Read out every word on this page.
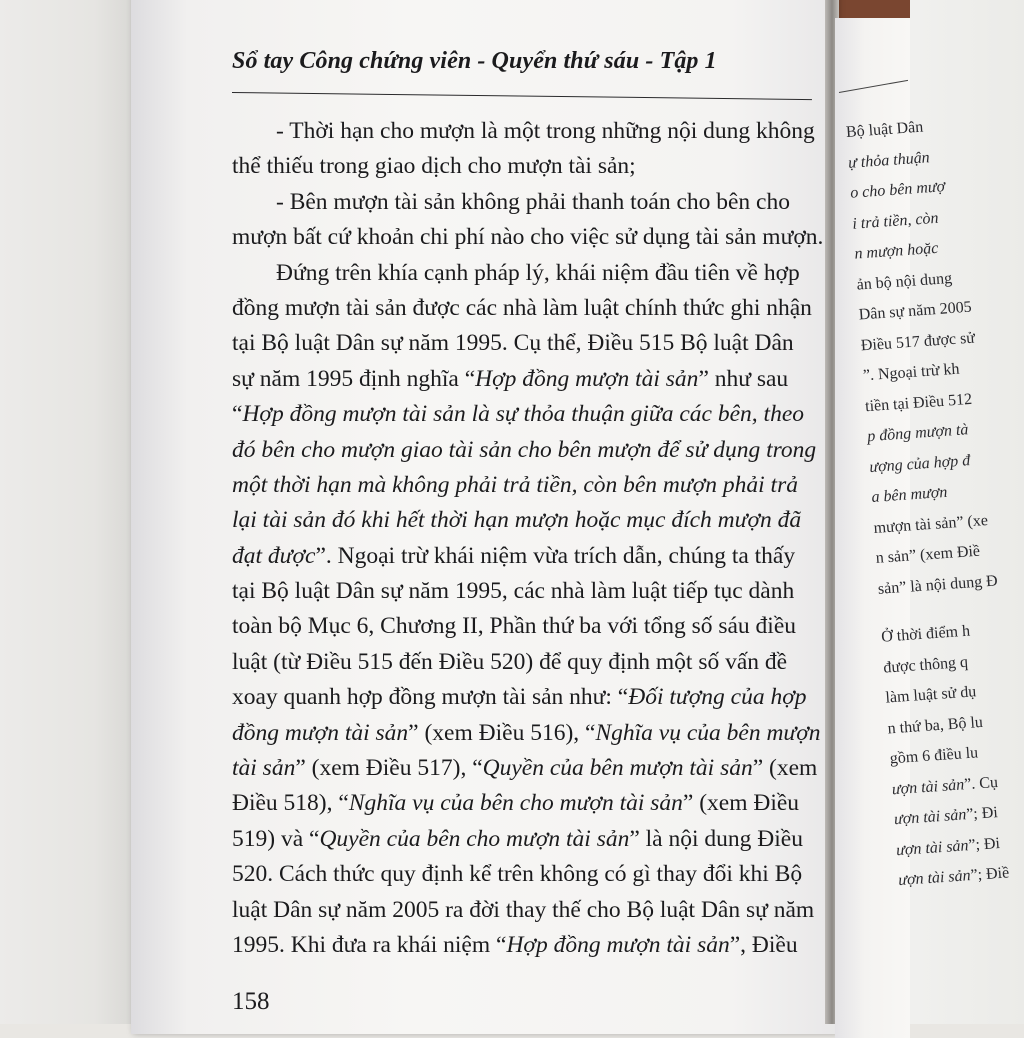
Sổ tay Công chứng viên - Quyển thứ sáu - Tập 1
- Thời hạn cho mượn là một trong những nội dung không
thể thiếu trong giao dịch cho mượn tài sản;
- Bên mượn tài sản không phải thanh toán cho bên cho
mượn bất cứ khoản chi phí nào cho việc sử dụng tài sản mượn.
Đứng trên khía cạnh pháp lý, khái niệm đầu tiên về hợp
đồng mượn tài sản được các nhà làm luật chính thức ghi nhận
tại Bộ luật Dân sự năm 1995. Cụ thể, Điều 515 Bộ luật Dân
sự năm 1995 định nghĩa “Hợp đồng mượn tài sản” như sau
“Hợp đồng mượn tài sản là sự thỏa thuận giữa các bên, theo
đó bên cho mượn giao tài sản cho bên mượn để sử dụng trong
một thời hạn mà không phải trả tiền, còn bên mượn phải trả
lại tài sản đó khi hết thời hạn mượn hoặc mục đích mượn đã
đạt được”. Ngoại trừ khái niệm vừa trích dẫn, chúng ta thấy
tại Bộ luật Dân sự năm 1995, các nhà làm luật tiếp tục dành
toàn bộ Mục 6, Chương II, Phần thứ ba với tổng số sáu điều
luật (từ Điều 515 đến Điều 520) để quy định một số vấn đề
xoay quanh hợp đồng mượn tài sản như: “Đối tượng của hợp
đồng mượn tài sản” (xem Điều 516), “Nghĩa vụ của bên mượn
tài sản” (xem Điều 517), “Quyền của bên mượn tài sản” (xem
Điều 518), “Nghĩa vụ của bên cho mượn tài sản” (xem Điều
519) và “Quyền của bên cho mượn tài sản” là nội dung Điều
520. Cách thức quy định kể trên không có gì thay đổi khi Bộ
luật Dân sự năm 2005 ra đời thay thế cho Bộ luật Dân sự năm
1995. Khi đưa ra khái niệm “Hợp đồng mượn tài sản”, Điều
158
Bộ luật Dân
ự thỏa thuận
o cho bên mượ
i trả tiền, còn
n mượn hoặc
ản bộ nội dung
Dân sự năm 2005
Điều 517 được sử
”. Ngoại trừ kh
tiền tại Điều 512
p đồng mượn tà
ượng của hợp đ
a bên mượn
mượn tài sản” (xe
n sản” (xem Điề
sản” là nội dung Đ
Ở thời điểm h
được thông q
làm luật sử dụ
n thứ ba, Bộ lu
gồm 6 điều lu
ượn tài sản”. Cụ
ượn tài sản”; Đi
ượn tài sản”; Đi
ượn tài sản”; Điề
